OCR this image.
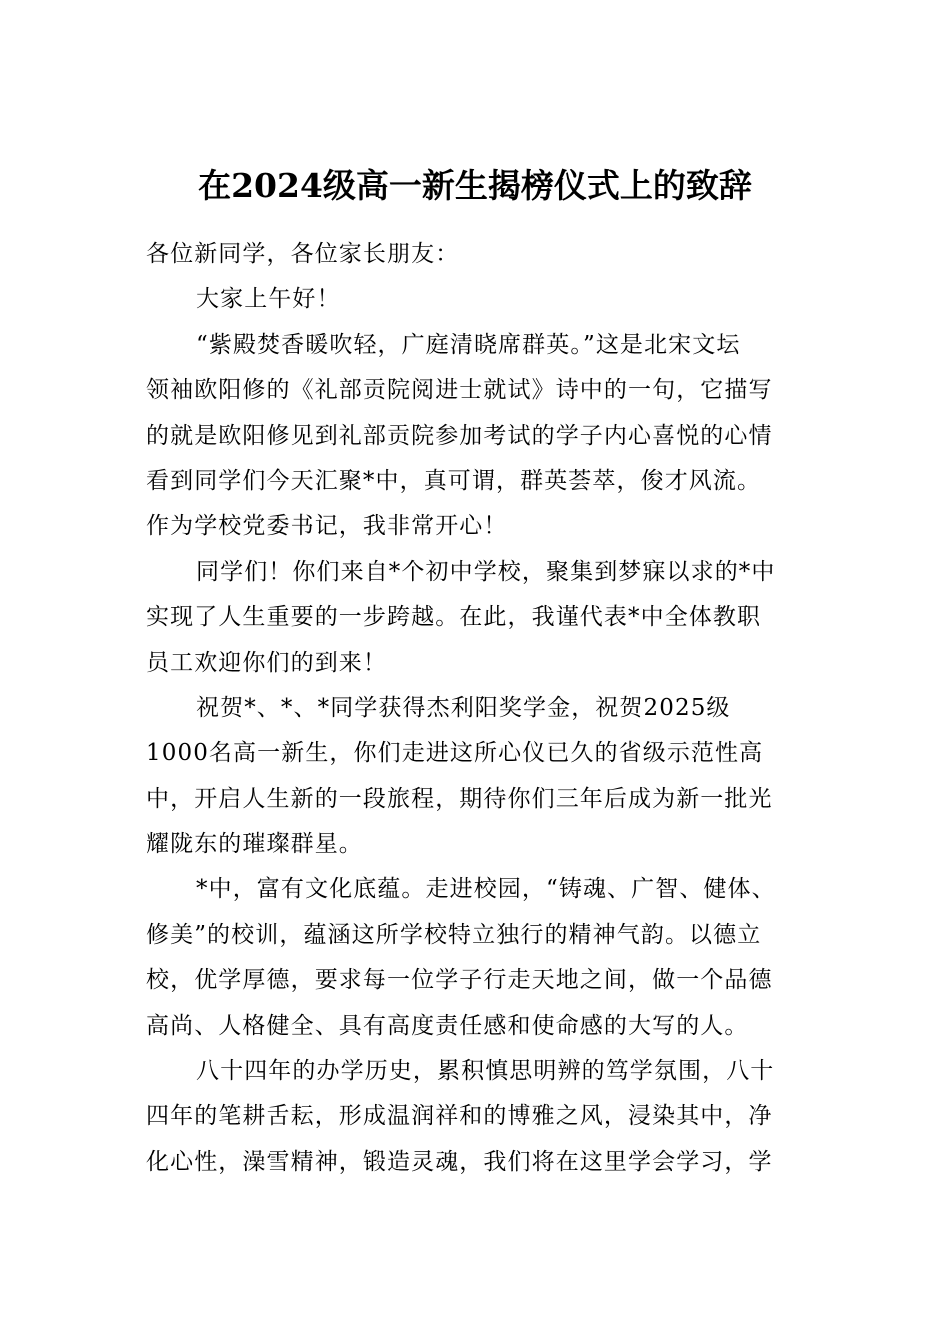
在2024级高一新生揭榜仪式上的致辞
各位新同学，各位家长朋友：
大家上午好！
“紫殿焚香暖吹轻，广庭清晓席群英。”这是北宋文坛
领袖欧阳修的《礼部贡院阅进士就试》诗中的一句，它描写
的就是欧阳修见到礼部贡院参加考试的学子内心喜悦的心情
看到同学们今天汇聚*中，真可谓，群英荟萃，俊才风流。
作为学校党委书记，我非常开心！
同学们！你们来自*个初中学校，聚集到梦寐以求的*中
实现了人生重要的一步跨越。在此，我谨代表*中全体教职
员工欢迎你们的到来！
祝贺*、*、*同学获得杰利阳奖学金，祝贺2025级
1000名高一新生，你们走进这所心仪已久的省级示范性高
中，开启人生新的一段旅程，期待你们三年后成为新一批光
耀陇东的璀璨群星。
*中，富有文化底蕴。走进校园，“铸魂、广智、健体、
修美”的校训，蕴涵这所学校特立独行的精神气韵。以德立
校，优学厚德，要求每一位学子行走天地之间，做一个品德
高尚、人格健全、具有高度责任感和使命感的大写的人。
八十四年的办学历史，累积慎思明辨的笃学氛围，八十
四年的笔耕舌耘，形成温润祥和的博雅之风，浸染其中，净
化心性，澡雪精神，锻造灵魂，我们将在这里学会学习，学
